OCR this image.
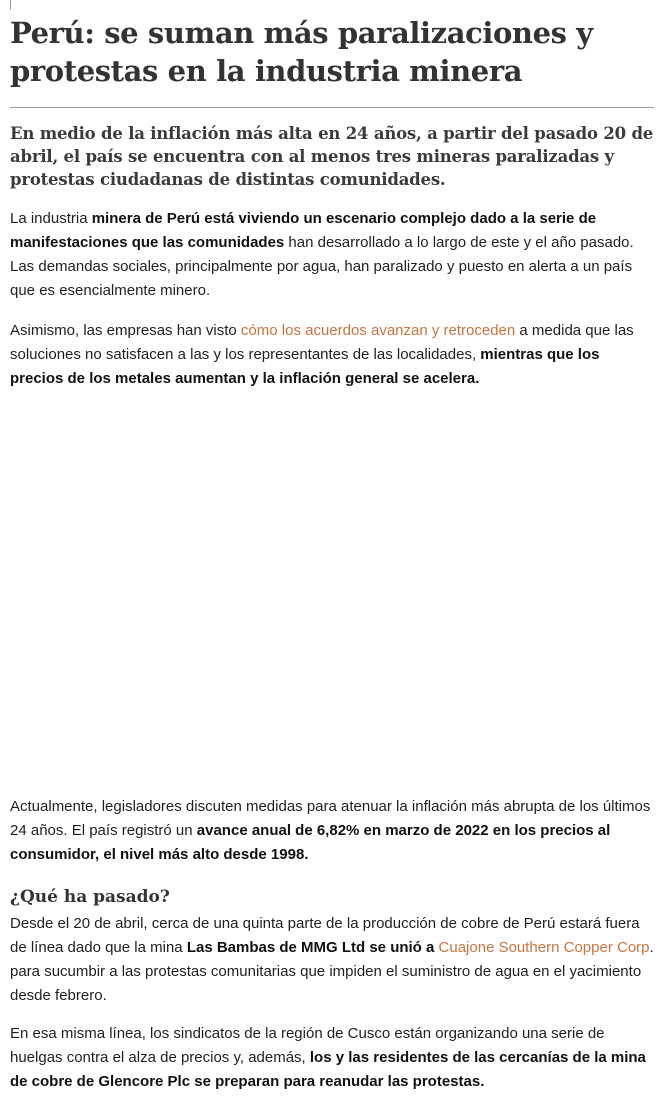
Perú: se suman más paralizaciones y protestas en la industria minera
En medio de la inflación más alta en 24 años, a partir del pasado 20 de abril, el país se encuentra con al menos tres mineras paralizadas y protestas ciudadanas de distintas comunidades.

La industria minera de Perú está viviendo un escenario complejo dado a la serie de manifestaciones que las comunidades han desarrollado a lo largo de este y el año pasado. Las demandas sociales, principalmente por agua, han paralizado y puesto en alerta a un país que es esencialmente minero.

Asimismo, las empresas han visto cómo los acuerdos avanzan y retroceden a medida que las soluciones no satisfacen a las y los representantes de las localidades, mientras que los precios de los metales aumentan y la inflación general se acelera.

Actualmente, legisladores discuten medidas para atenuar la inflación más abrupta de los últimos 24 años. El país registró un avance anual de 6,82% en marzo de 2022 en los precios al consumidor, el nivel más alto desde 1998.

¿Qué ha pasado?

Desde el 20 de abril, cerca de una quinta parte de la producción de cobre de Perú estará fuera de línea dado que la mina Las Bambas de MMG Ltd se unió a Cuajone Southern Copper Corp. para sucumbir a las protestas comunitarias que impiden el suministro de agua en el yacimiento desde febrero.

En esa misma línea, los sindicatos de la región de Cusco están organizando una serie de huelgas contra el alza de precios y, además, los y las residentes de las cercanías de la mina de cobre de Glencore Plc se preparan para reanudar las protestas.
